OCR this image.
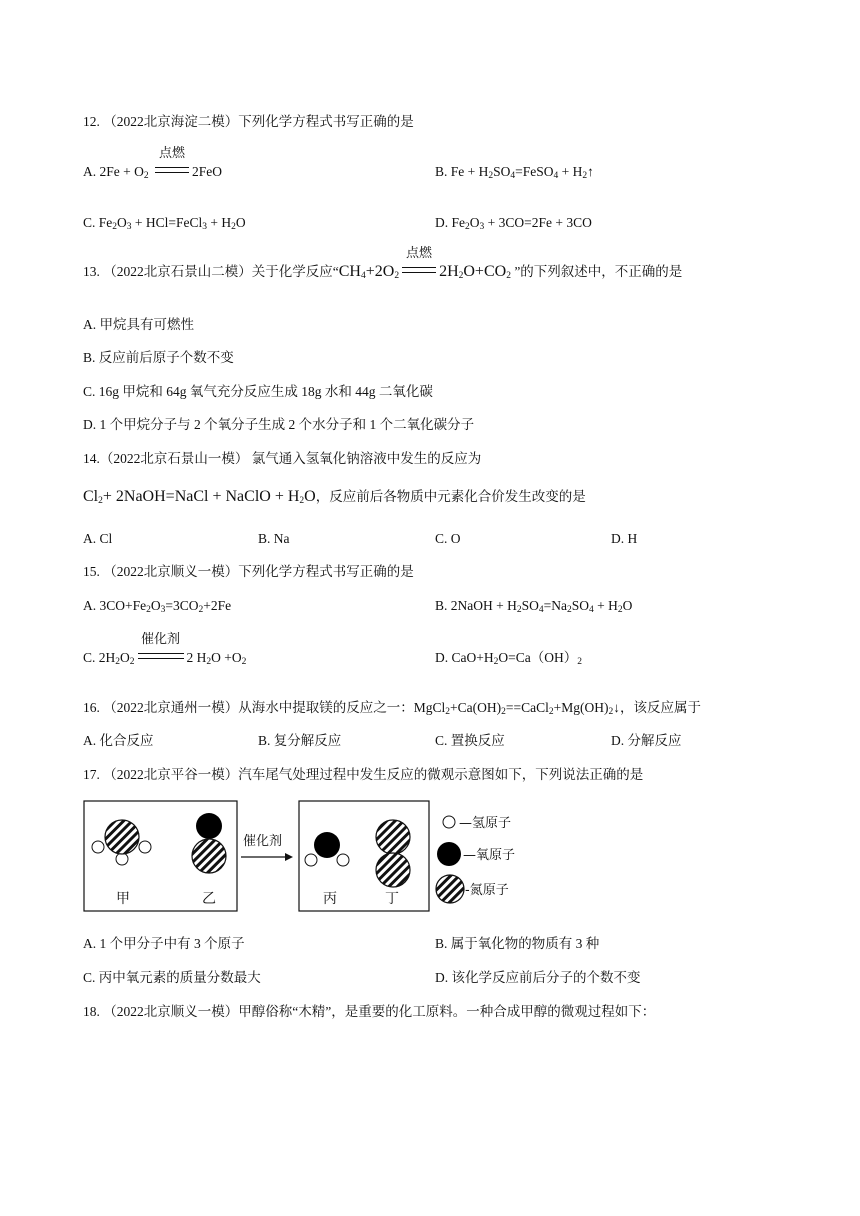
12. （2022北京海淀二模）下列化学方程式书写正确的是
A. $2Fe + O_2$
点燃
2FeO	B. $Fe + H_2SO_4=FeSO_4$ + $H_2↑$
C. $Fe_2O_3$ + HCl=FeCl$_3$ + $H_2O$	D. $Fe_2O_3 + 3CO=2Fe + 3CO$
13. （2022北京石景山二模）关于化学反应“$CH_4+2O_2$
点燃
$2H_2O+CO_2$ ”的下列叙述中，不正确的是
A. 甲烷具有可燃性
B. 反应前后原子个数不变
C. 16g 甲烷和 64g 氧气充分反应生成 18g 水和 44g 二氧化碳
D. 1 个甲烷分子与 2 个氧分子生成 2 个水分子和 1 个二氧化碳分子
14.（2022北京石景山一模） 氯气通入氢氧化钠溶液中发生的反应为
$Cl_2+$ 2NaOH=NaCl + NaClO + $H_2O$，反应前后各物质中元素化合价发生改变的是
A. Cl	B. Na	C. O	D. H
15. （2022北京顺义一模）下列化学方程式书写正确的是
A. $3CO+Fe_2O_3=3CO_2+2Fe$	B. 2NaOH + $H_2SO_4=Na_2SO_4 + H_2O$
C. $2H_2O_2$
催化剂
2 $H_2O +O_2$	D. $CaO+H_2O=Ca(OH)_2$
16. （2022北京通州一模）从海水中提取镁的反应之一：$MgCl_2+Ca(OH)_2==CaCl_2+Mg(OH)_2↓$，该反应属于
A. 化合反应	B. 复分解反应	C. 置换反应	D. 分解反应
17. （2022北京平谷一模）汽车尾气处理过程中发生反应的微观示意图如下，下列说法正确的是
甲	乙
催化剂
丙	丁
—氢原子
—氧原子
-氮原子
A. 1 个甲分子中有 3 个原子	B. 属于氧化物的物质有 3 种
C. 丙中氧元素的质量分数最大	D. 该化学反应前后分子的个数不变
18. （2022北京顺义一模）甲醇俗称“木精”，是重要的化工原料。一种合成甲醇的微观过程如下：
